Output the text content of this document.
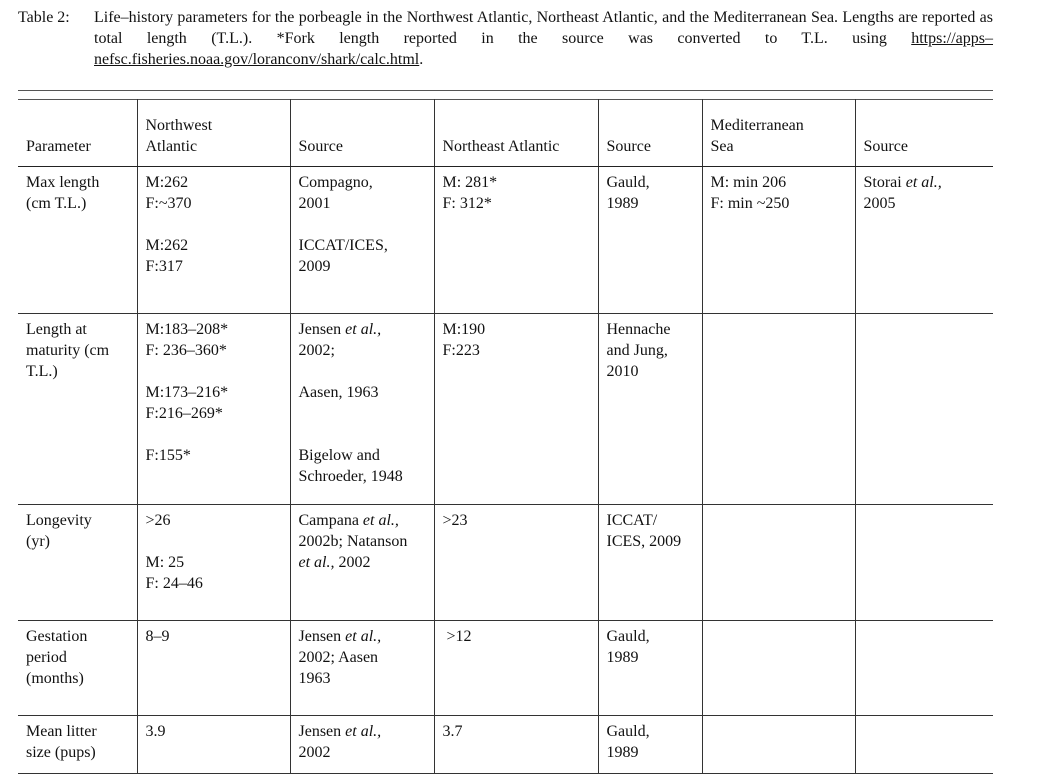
Table 2: Life–history parameters for the porbeagle in the Northwest Atlantic, Northeast Atlantic, and the Mediterranean Sea. Lengths are reported as total length (T.L.). *Fork length reported in the source was converted to T.L. using https://apps–nefsc.fisheries.noaa.gov/loranconv/shark/calc.html.
Parameter	Northwest
Atlantic	Source	Northeast Atlantic	Source	Mediterranean
Sea	Source

Max length
(cm T.L.)	M:262
F:~370
M:262
F:317	Compagno,
2001
ICCAT/ICES,
2009	M: 281*
F: 312*	Gauld,
1989	M: min 206
F: min ~250	Storai et al.,
2005

Length at
maturity (cm
T.L.)	M:183–208*
F: 236–360*
M:173–216*
F:216–269*
F:155*	Jensen et al.,
2002;
Aasen, 1963
Bigelow and
Schroeder, 1948	M:190
F:223	Hennache
and Jung,
2010		

Longevity
(yr)	>26
M: 25
F: 24–46	Campana et al.,
2002b; Natanson
et al., 2002	>23	ICCAT/
ICES, 2009		

Gestation
period
(months)	8–9	Jensen et al.,
2002; Aasen
1963	>12	Gauld,
1989		

Mean litter
size (pups)	3.9	Jensen et al.,
2002	3.7	Gauld,
1989		
